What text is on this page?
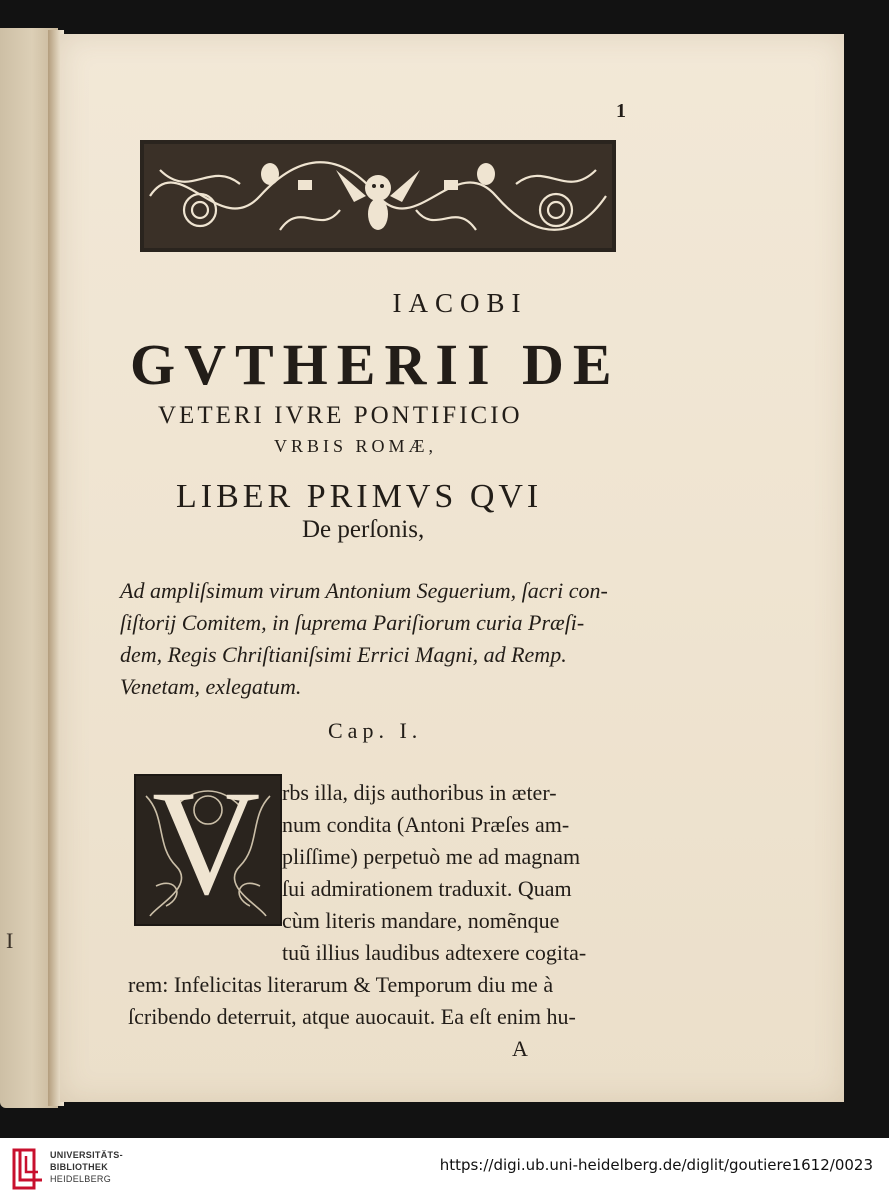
I
1
IACOBI
GVTHERII DE
VETERI IVRE PONTIFICIO
VRBIS ROMÆ,
LIBER PRIMVS QVI
De perſonis,
Ad ampliſsimum virum Antonium Seguerium, ſacri con-
ſiſtorij Comitem, in ſuprema Pariſiorum curia Præſi-
dem, Regis Chriſtianiſsimi Errici Magni, ad Remp.
Venetam, exlegatum.
Cap. I.
V rbs illa, dijs authoribus in æter-
num condita (Antoni Præſes am-
pliſſime) perpetuò me ad magnam
ſui admirationem traduxit. Quam
cùm literis mandare, nomẽnque
tuũ illius laudibus adtexere cogita-
rem: Infelicitas literarum & Temporum diu me à
ſcribendo deterruit, atque auocauit. Ea eſt enim hu-
A
UNIVERSITÄTS-
BIBLIOTHEK
HEIDELBERG
https://digi.ub.uni-heidelberg.de/diglit/goutiere1612/0023
